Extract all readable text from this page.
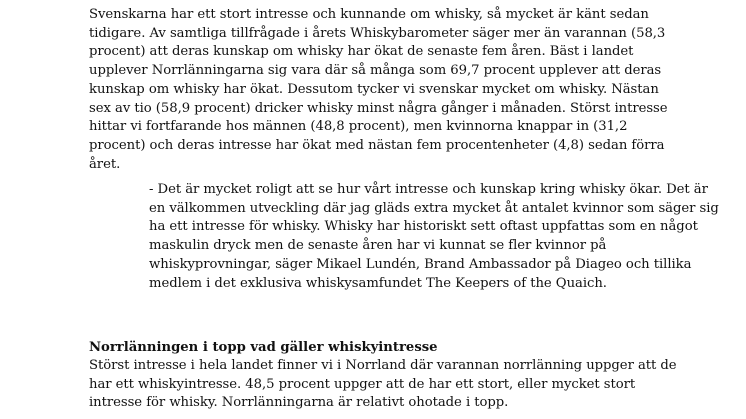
Svenskarna har ett stort intresse och kunnande om whisky, så mycket är känt sedan tidigare. Av samtliga tillfrågade i årets Whiskybarometer säger mer än varannan (58,3 procent) att deras kunskap om whisky har ökat de senaste fem åren. Bäst i landet upplever Norrlänningarna sig vara där så många som 69,7 procent upplever att deras kunskap om whisky har ökat. Dessutom tycker vi svenskar mycket om whisky. Nästan sex av tio (58,9 procent) dricker whisky minst några gånger i månaden. Störst intresse hittar vi fortfarande hos männen (48,8 procent), men kvinnorna knappar in (31,2 procent) och deras intresse har ökat med nästan fem procentenheter (4,8) sedan förra året.

- Det är mycket roligt att se hur vårt intresse och kunskap kring whisky ökar. Det är en välkommen utveckling där jag gläds extra mycket åt antalet kvinnor som säger sig ha ett intresse för whisky. Whisky har historiskt sett oftast uppfattas som en något maskulin dryck men de senaste åren har vi kunnat se fler kvinnor på whiskyprovningar, säger Mikael Lundén, Brand Ambassador på Diageo och tillika medlem i det exklusiva whiskysamfundet The Keepers of the Quaich.

Norrlänningen i topp vad gäller whiskyintresse

Störst intresse i hela landet finner vi i Norrland där varannan norrlänning uppger att de har ett whiskyintresse. 48,5 procent uppger att de har ett stort, eller mycket stort intresse för whisky. Norrlänningarna är relativt ohotade i topp.
